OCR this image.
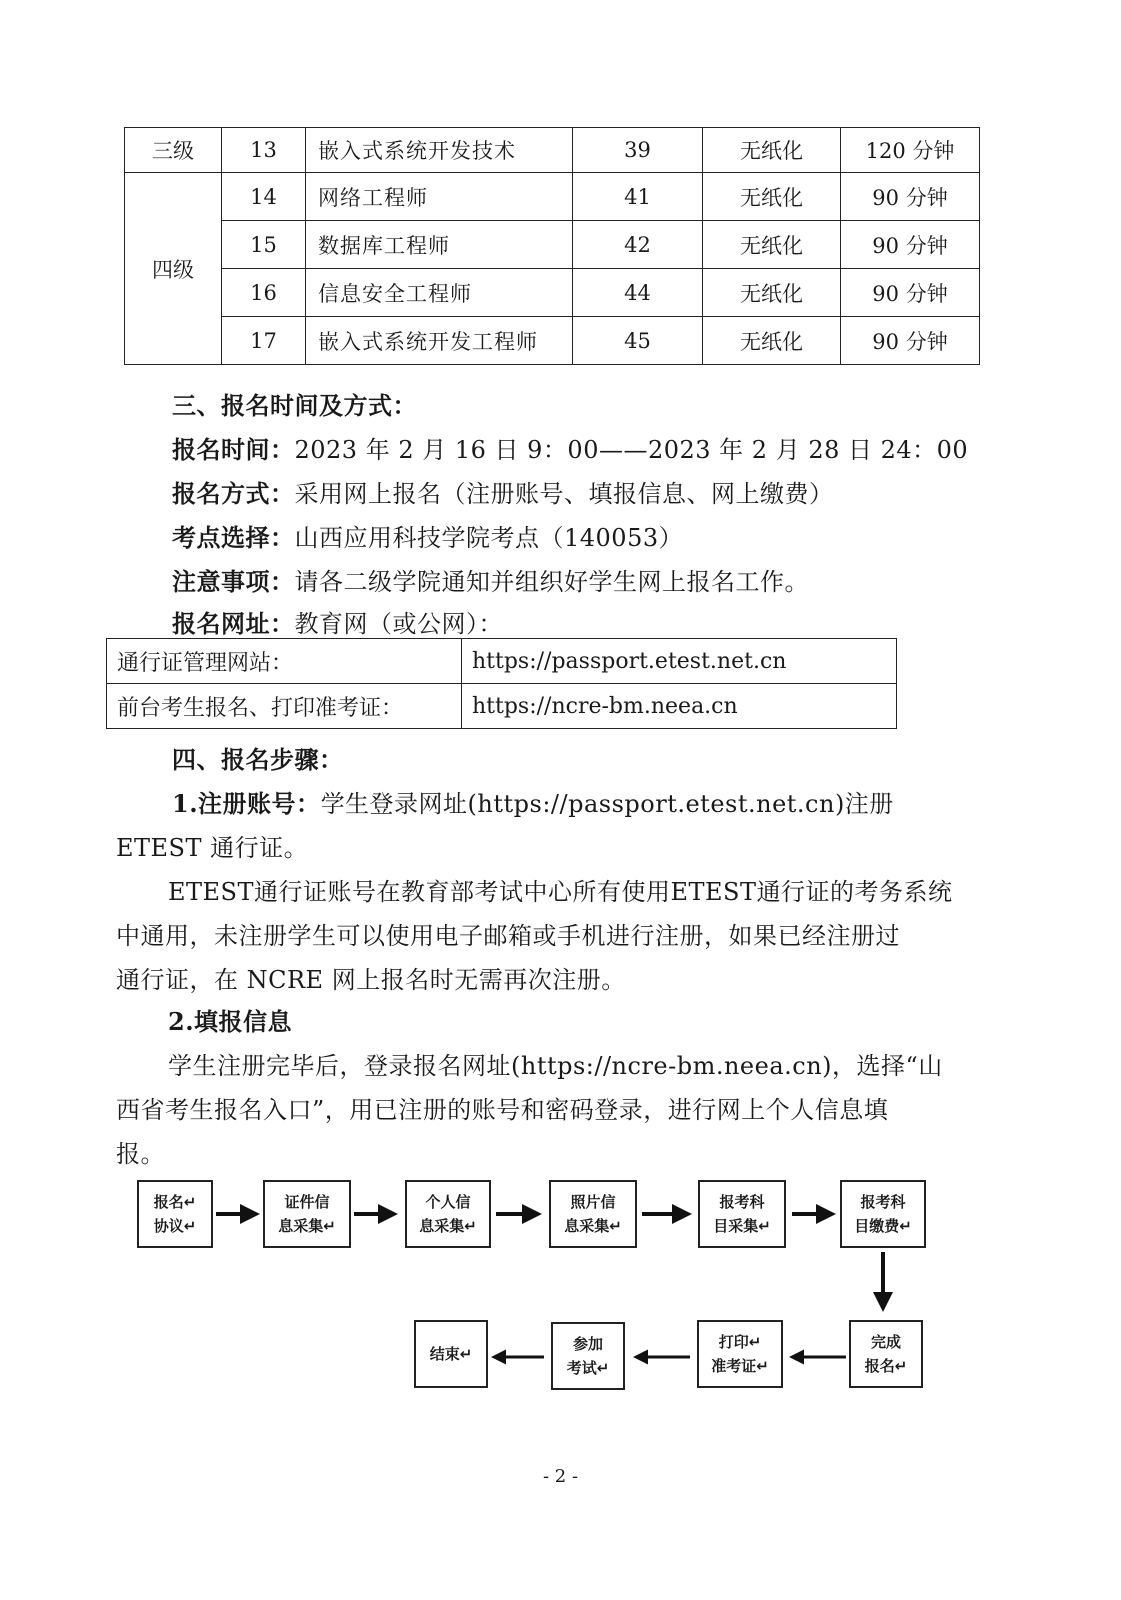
三级	13	嵌入式系统开发技术	39	无纸化	120 分钟
四级	14	网络工程师	41	无纸化	90 分钟
	15	数据库工程师	42	无纸化	90 分钟
	16	信息安全工程师	44	无纸化	90 分钟
	17	嵌入式系统开发工程师	45	无纸化	90 分钟
三、报名时间及方式：
报名时间：2023 年 2 月 16 日 9：00——2023 年 2 月 28 日 24：00
报名方式：采用网上报名（注册账号、填报信息、网上缴费）
考点选择：山西应用科技学院考点（140053）
注意事项：请各二级学院通知并组织好学生网上报名工作。
报名网址：教育网（或公网）：
通行证管理网站：	https://passport.etest.net.cn
前台考生报名、打印准考证：	https://ncre-bm.neea.cn
四、报名步骤：
1.注册账号：学生登录网址(https://passport.etest.net.cn)注册
ETEST 通行证。
ETEST通行证账号在教育部考试中心所有使用ETEST通行证的考务系统
中通用，未注册学生可以使用电子邮箱或手机进行注册，如果已经注册过
通行证，在 NCRE 网上报名时无需再次注册。
2.填报信息
学生注册完毕后，登录报名网址(https://ncre-bm.neea.cn)，选择“山
西省考生报名入口”，用已注册的账号和密码登录，进行网上个人信息填
报。
报名↵
协议↵
证件信
息采集↵
个人信
息采集↵
照片信
息采集↵
报考科
目采集↵
报考科
目缴费↵
结束↵
参加
考试↵
打印↵
准考证↵
完成
报名↵
- 2 -
